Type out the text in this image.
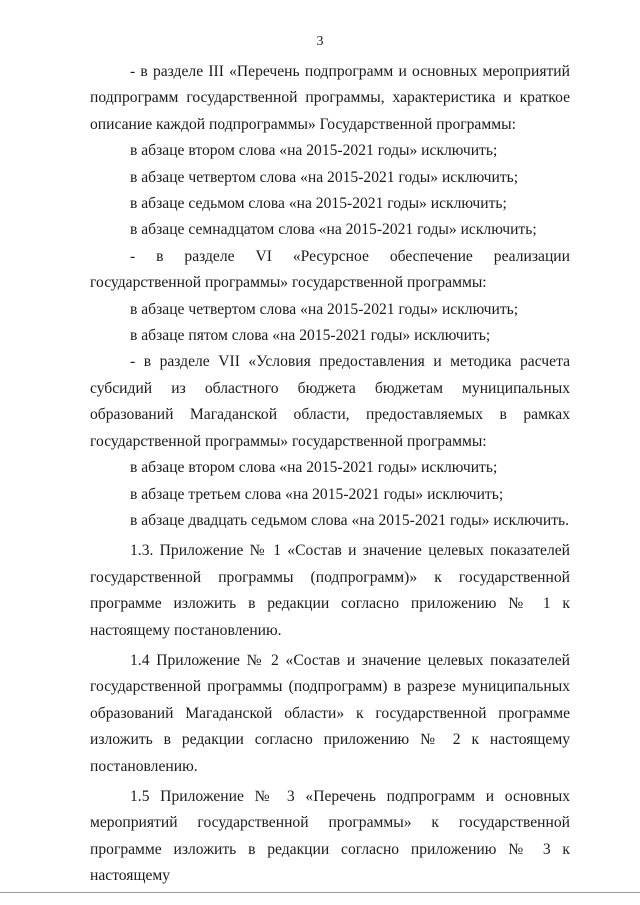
3

- в разделе III «Перечень подпрограмм и основных мероприятий подпрограмм государственной программы, характеристика и краткое описание каждой подпрограммы» Государственной программы:

в абзаце втором слова «на 2015-2021 годы» исключить;

в абзаце четвертом слова «на 2015-2021 годы» исключить;

в абзаце седьмом слова «на 2015-2021 годы» исключить;

в абзаце семнадцатом слова «на 2015-2021 годы» исключить;

- в разделе VI «Ресурсное обеспечение реализации государственной программы» государственной программы:

в абзаце четвертом слова «на 2015-2021 годы» исключить;

в абзаце пятом слова «на 2015-2021 годы» исключить;

- в разделе VII «Условия предоставления и методика расчета субсидий из областного бюджета бюджетам муниципальных образований Магаданской области, предоставляемых в рамках государственной программы» государственной программы:

в абзаце втором слова «на 2015-2021 годы» исключить;

в абзаце третьем слова «на 2015-2021 годы» исключить;

в абзаце двадцать седьмом слова «на 2015-2021 годы» исключить.

1.3. Приложение № 1 «Состав и значение целевых показателей государственной программы (подпрограмм)» к государственной программе изложить в редакции согласно приложению № 1 к настоящему постановлению.

1.4 Приложение № 2 «Состав и значение целевых показателей государственной программы (подпрограмм) в разрезе муниципальных образований Магаданской области» к государственной программе изложить в редакции согласно приложению № 2 к настоящему постановлению.

1.5 Приложение № 3 «Перечень подпрограмм и основных мероприятий государственной программы» к государственной программе изложить в редакции согласно приложению № 3 к настоящему
